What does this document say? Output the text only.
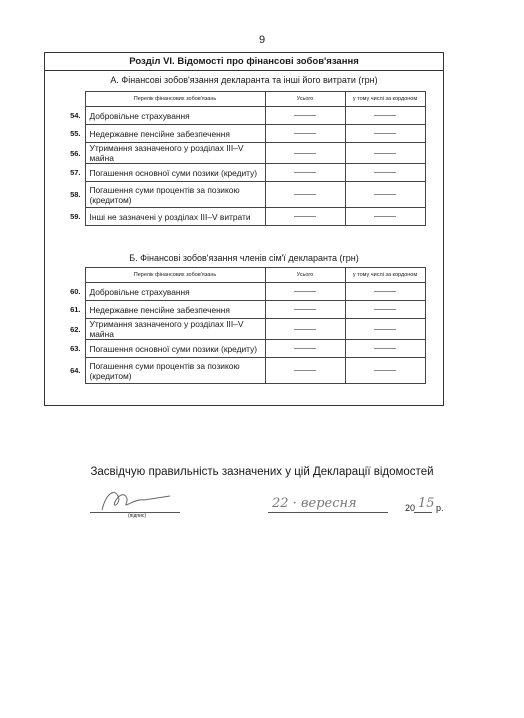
9
Розділ VI. Відомості про фінансові зобов'язання
А. Фінансові зобов'язання декларанта та інші його витрати (грн)
	Перелік фінансових зобов'язань	Усього	у тому числі за кордоном
54.	Добровільне страхування		
55.	Недержавне пенсійне забезпечення		
56.	Утримання зазначеного у розділах III–V майна		
57.	Погашення основної суми позики (кредиту)		
58.	Погашення суми процентів за позикою (кредитом)		
59.	Інші не зазначені у розділах III–V витрати		
Б. Фінансові зобов'язання членів сім'ї декларанта (грн)
	Перелік фінансових зобов'язань	Усього	у тому числі за кордоном
60.	Добровільне страхування		
61.	Недержавне пенсійне забезпечення		
62.	Утримання зазначеного у розділах III–V майна		
63.	Погашення основної суми позики (кредиту)		
64.	Погашення суми процентів за позикою (кредитом)		
Засвідчую правильність зазначених у цій Декларації відомостей
(підпис)
22 · вересня	20 15 р.
